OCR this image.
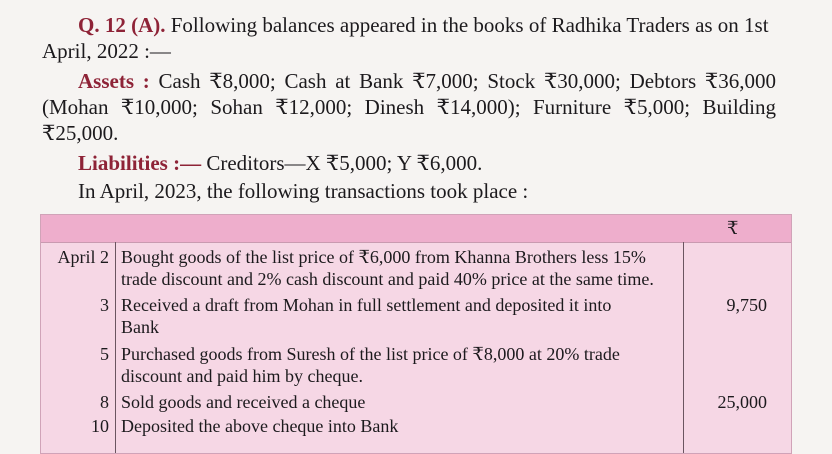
Q. 12 (A). Following balances appeared in the books of Radhika Traders as on 1st
April, 2022 :—
Assets : Cash ₹8,000; Cash at Bank ₹7,000; Stock ₹30,000; Debtors ₹36,000
(Mohan ₹10,000; Sohan ₹12,000; Dinesh ₹14,000); Furniture ₹5,000; Building
₹25,000.
Liabilities :— Creditors—X ₹5,000; Y ₹6,000.
In April, 2023, the following transactions took place :
₹
April 2 Bought goods of the list price of ₹6,000 from Khanna Brothers less 15%
trade discount and 2% cash discount and paid 40% price at the same time.
3 Received a draft from Mohan in full settlement and deposited it into
Bank
9,750
5 Purchased goods from Suresh of the list price of ₹8,000 at 20% trade
discount and paid him by cheque.
8 Sold goods and received a cheque	25,000
10 Deposited the above cheque into Bank
